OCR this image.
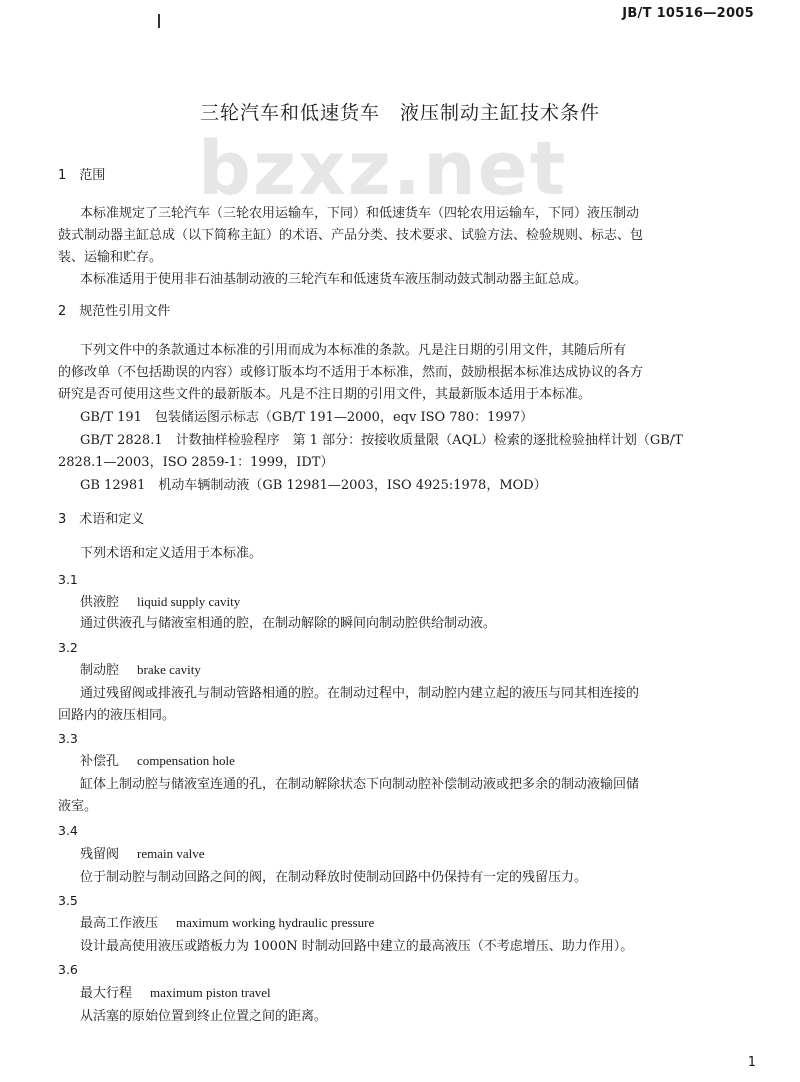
JB/T 10516—2005
三轮汽车和低速货车　液压制动主缸技术条件
bzxz.net
1　范围
本标准规定了三轮汽车（三轮农用运输车，下同）和低速货车（四轮农用运输车，下同）液压制动
鼓式制动器主缸总成（以下简称主缸）的术语、产品分类、技术要求、试验方法、检验规则、标志、包
装、运输和贮存。
本标准适用于使用非石油基制动液的三轮汽车和低速货车液压制动鼓式制动器主缸总成。
2　规范性引用文件
下列文件中的条款通过本标准的引用而成为本标准的条款。凡是注日期的引用文件，其随后所有
的修改单（不包括勘误的内容）或修订版本均不适用于本标准，然而，鼓励根据本标准达成协议的各方
研究是否可使用这些文件的最新版本。凡是不注日期的引用文件，其最新版本适用于本标准。
GB/T 191　包装储运图示标志（GB/T 191—2000，eqv ISO 780：1997）
GB/T 2828.1　计数抽样检验程序　第 1 部分：按接收质量限（AQL）检索的逐批检验抽样计划（GB/T
2828.1—2003，ISO 2859-1：1999，IDT）
GB 12981　机动车辆制动液（GB 12981—2003，ISO 4925:1978，MOD）
3　术语和定义
下列术语和定义适用于本标准。
3.1
供液腔 liquid supply cavity
通过供液孔与储液室相通的腔，在制动解除的瞬间向制动腔供给制动液。
3.2
制动腔 brake cavity
通过残留阀或排液孔与制动管路相通的腔。在制动过程中，制动腔内建立起的液压与同其相连接的
回路内的液压相同。
3.3
补偿孔 compensation hole
缸体上制动腔与储液室连通的孔，在制动解除状态下向制动腔补偿制动液或把多余的制动液输回储
液室。
3.4
残留阀 remain valve
位于制动腔与制动回路之间的阀，在制动释放时使制动回路中仍保持有一定的残留压力。
3.5
最高工作液压 maximum working hydraulic pressure
设计最高使用液压或踏板力为 1000N 时制动回路中建立的最高液压（不考虑增压、助力作用）。
3.6
最大行程 maximum piston travel
从活塞的原始位置到终止位置之间的距离。
1
